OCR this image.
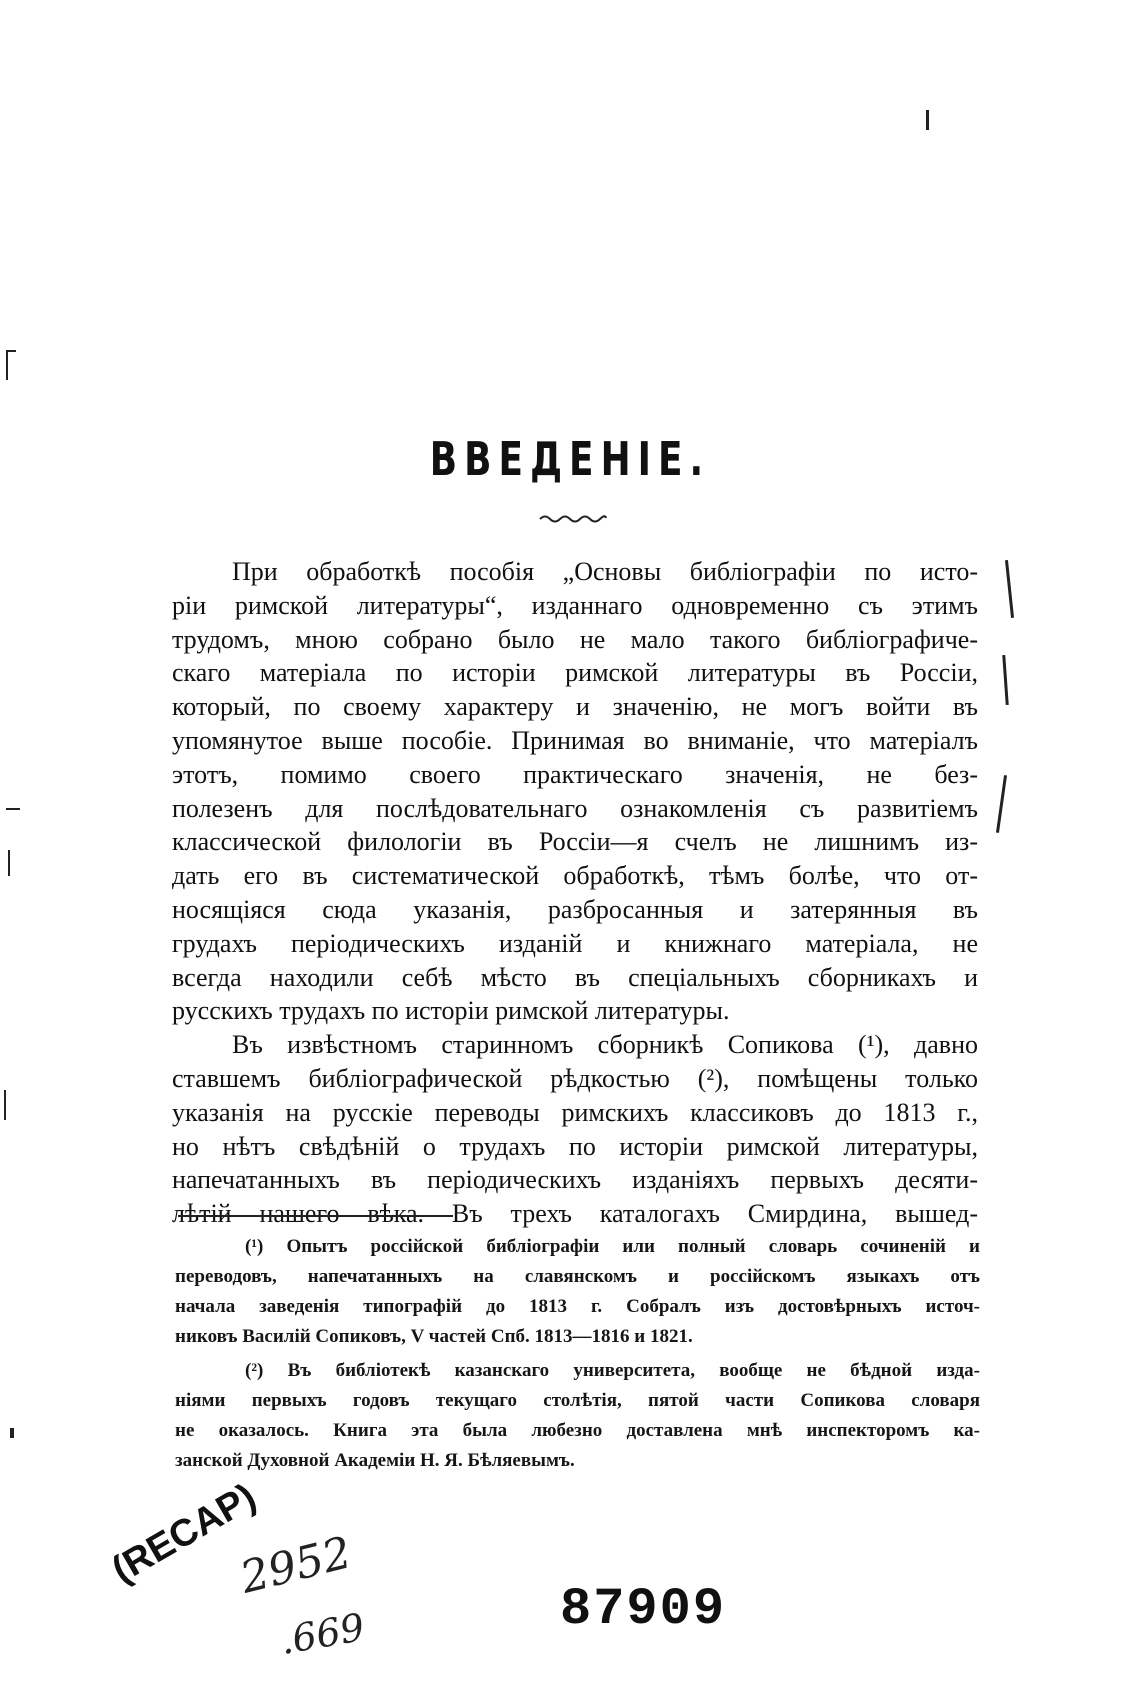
ВВЕДЕНІЕ.
При обработкѣ пособія „Основы библіографіи по исто-
ріи римской литературы“, изданнаго одновременно съ этимъ
трудомъ, мною собрано было не мало такого библіографиче-
скаго матеріала по исторіи римской литературы въ Россіи,
который, по своему характеру и значенію, не могъ войти въ
упомянутое выше пособіе. Принимая во вниманіе, что матеріалъ
этотъ, помимо своего практическаго значенія, не без-
полезенъ для послѣдовательнаго ознакомленія съ развитіемъ
классической филологіи въ Россіи—я счелъ не лишнимъ из-
дать его въ систематической обработкѣ, тѣмъ болѣе, что от-
носящіяся сюда указанія, разбросанныя и затерянныя въ
грудахъ періодическихъ изданій и книжнаго матеріала, не
всегда находили себѣ мѣсто въ спеціальныхъ сборникахъ и
русскихъ трудахъ по исторіи римской литературы.
Въ извѣстномъ старинномъ сборникѣ Сопикова (¹), давно
ставшемъ библіографической рѣдкостью (²), помѣщены только
указанія на русскіе переводы римскихъ классиковъ до 1813 г.,
но нѣтъ свѣдѣній о трудахъ по исторіи римской литературы,
напечатанныхъ въ періодическихъ изданіяхъ первыхъ десяти-
лѣтій нашего вѣка. Въ трехъ каталогахъ Смирдина, вышед-
(¹) Опытъ россійской библіографіи или полный словарь сочиненій и
переводовъ, напечатанныхъ на славянскомъ и россійскомъ языкахъ отъ
начала заведенія типографій до 1813 г. Собралъ изъ достовѣрныхъ источ-
никовъ Василій Сопиковъ, V частей Спб. 1813—1816 и 1821.
(²) Въ библіотекѣ казанскаго университета, вообще не бѣдной изда-
ніями первыхъ годовъ текущаго столѣтія, пятой части Сопикова словаря
не оказалось. Книга эта была любезно доставлена мнѣ инспекторомъ ка-
занской Духовной Академіи Н. Я. Бѣляевымъ.
(RECAP)
2952
.669	87909
